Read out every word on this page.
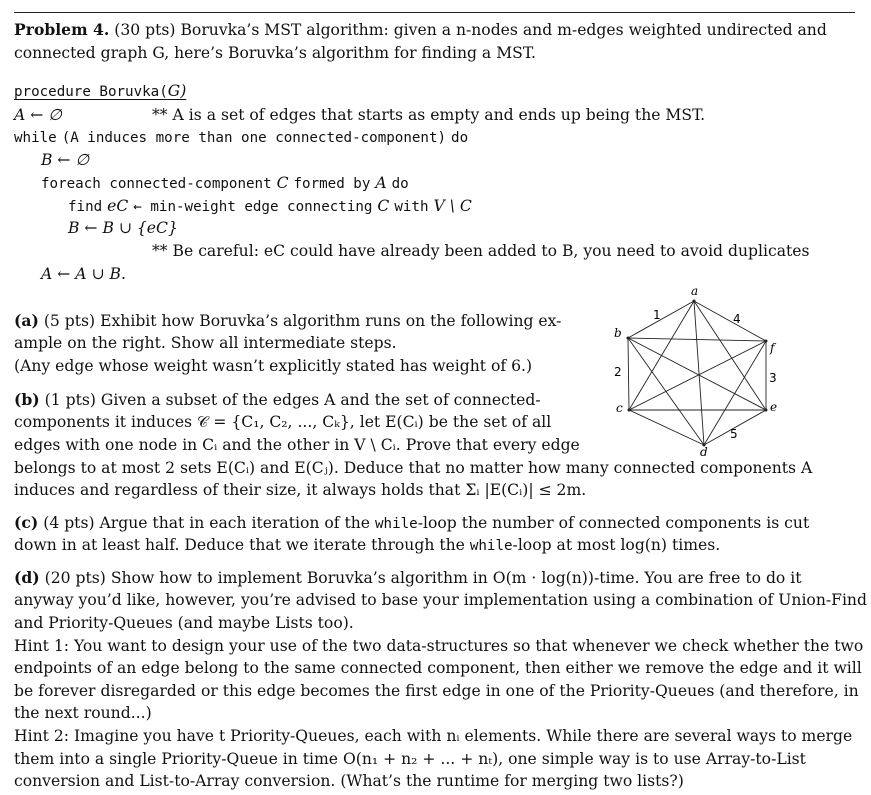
Problem 4. (30 pts) Boruvka’s MST algorithm: given a n-nodes and m-edges weighted undirected and
connected graph G, here’s Boruvka’s algorithm for finding a MST.
procedure Boruvka(G)
A ← ∅	** A is a set of edges that starts as empty and ends up being the MST.
while (A induces more than one connected-component) do
B ← ∅
foreach connected-component C formed by A do
find eC ← min-weight edge connecting C with V \ C
B ← B ∪ {eC}
** Be careful: eC could have already been added to B, you need to avoid duplicates
A ← A ∪ B.
(a) (5 pts) Exhibit how Boruvka’s algorithm runs on the following ex-
ample on the right. Show all intermediate steps.
(Any edge whose weight wasn’t explicitly stated has weight of 6.)
(b) (1 pts) Given a subset of the edges A and the set of connected-
components it induces 𝒞 = {C₁, C₂, ..., Cₖ}, let E(Cᵢ) be the set of all
edges with one node in Cᵢ and the other in V \ Cᵢ. Prove that every edge
belongs to at most 2 sets E(Cᵢ) and E(Cⱼ). Deduce that no matter how many connected components A
induces and regardless of their size, it always holds that Σᵢ |E(Cᵢ)| ≤ 2m.
(c) (4 pts) Argue that in each iteration of the while-loop the number of connected components is cut
down in at least half. Deduce that we iterate through the while-loop at most log(n) times.
(d) (20 pts) Show how to implement Boruvka’s algorithm in O(m · log(n))-time. You are free to do it
anyway you’d like, however, you’re advised to base your implementation using a combination of Union-Find
and Priority-Queues (and maybe Lists too).
Hint 1: You want to design your use of the two data-structures so that whenever we check whether the two
endpoints of an edge belong to the same connected component, then either we remove the edge and it will
be forever disregarded or this edge becomes the first edge in one of the Priority-Queues (and therefore, in
the next round...)
Hint 2: Imagine you have t Priority-Queues, each with nᵢ elements. While there are several ways to merge
them into a single Priority-Queue in time O(n₁ + n₂ + ... + nₜ), one simple way is to use Array-to-List
conversion and List-to-Array conversion. (What’s the runtime for merging two lists?)
a
b
f
c	e
d
1	4
2	3
5
